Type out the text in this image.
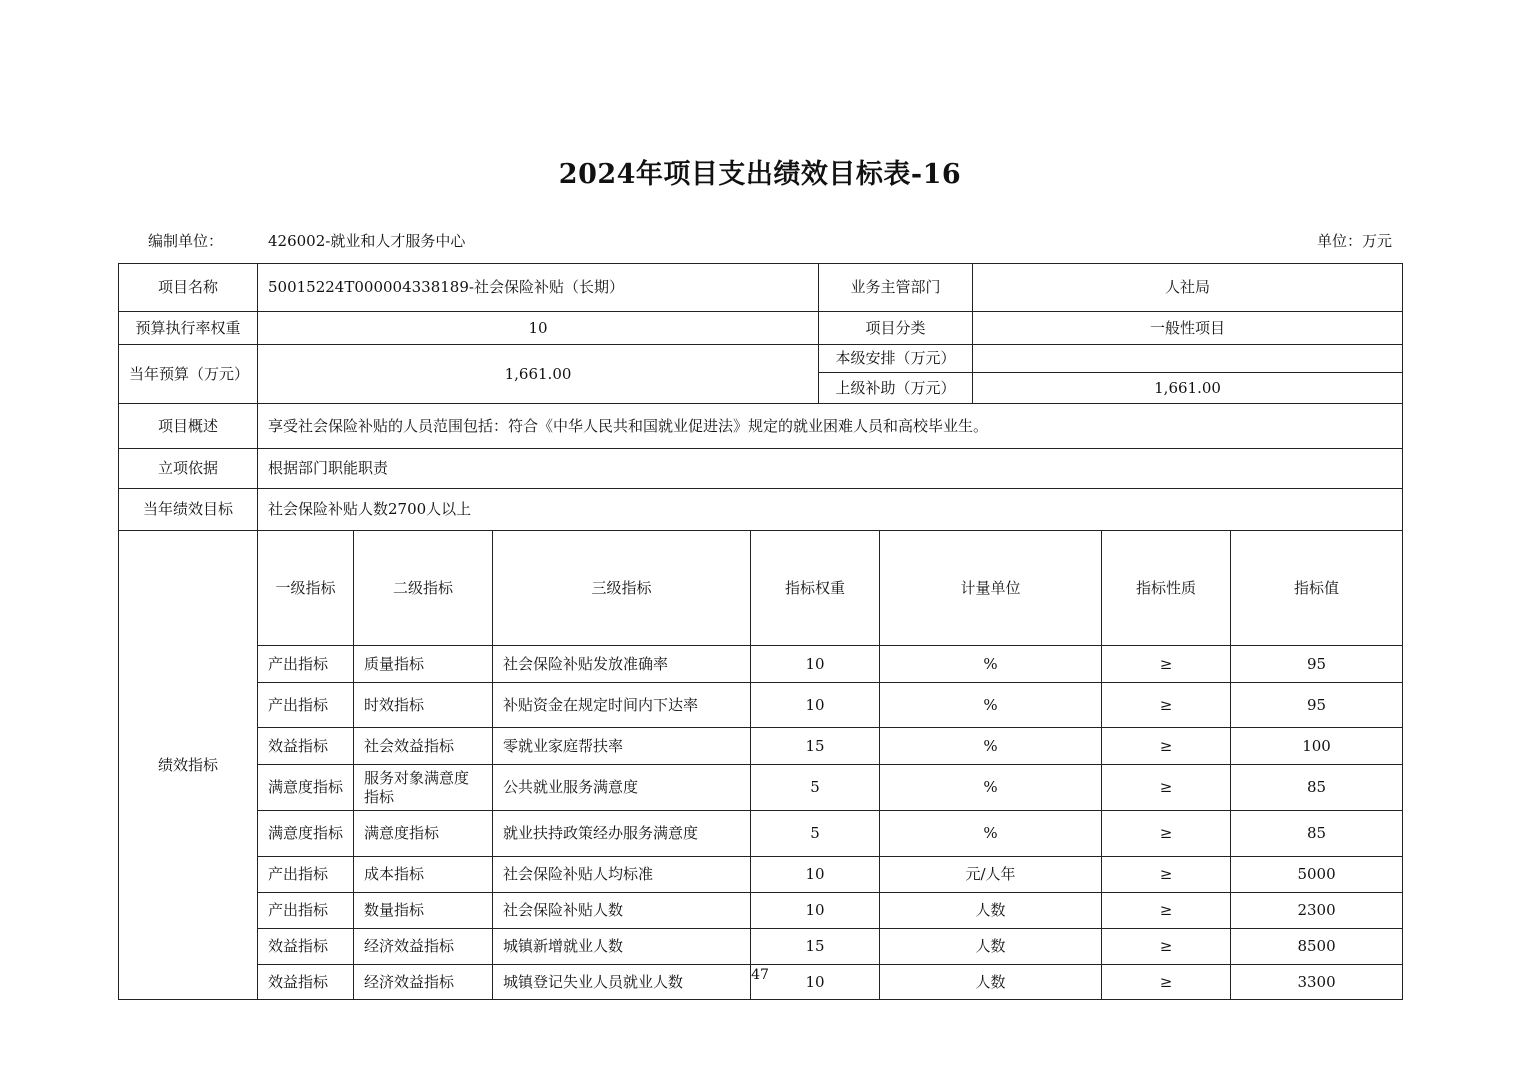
2024年项目支出绩效目标表-16
编制单位：	426002-就业和人才服务中心	单位：万元
项目名称	50015224T000004338189-社会保险补贴（长期）				业务主管部门		人社局			
预算执行率权重	10				项目分类		一般性项目			
当年预算（万元）	1,661.00				本级安排（万元）					
					上级补助（万元）		1,661.00			
项目概述	享受社会保险补贴的人员范围包括：符合《中华人民共和国就业促进法》规定的就业困难人员和高校毕业生。									
立项依据	根据部门职能职责									
当年绩效目标	社会保险补贴人数2700人以上									
绩效指标	一级指标	二级指标	三级指标	指标权重		计量单位		指标性质	指标值	
	产出指标	质量指标	社会保险补贴发放准确率	10		%		≥	95	
	产出指标	时效指标	补贴资金在规定时间内下达率	10		%		≥	95	
	效益指标	社会效益指标	零就业家庭帮扶率	15		%		≥	100	
	满意度指标	服务对象满意度指标	公共就业服务满意度	5		%		≥	85	
	满意度指标	满意度指标	就业扶持政策经办服务满意度	5		%		≥	85	
	产出指标	成本指标	社会保险补贴人均标准	10		元/人年		≥	5000	
	产出指标	数量指标	社会保险补贴人数	10		人数		≥	2300	
	效益指标	经济效益指标	城镇新增就业人数	15		人数		≥	8500	
	效益指标	经济效益指标	城镇登记失业人员就业人数	10		人数		≥	3300	
47
